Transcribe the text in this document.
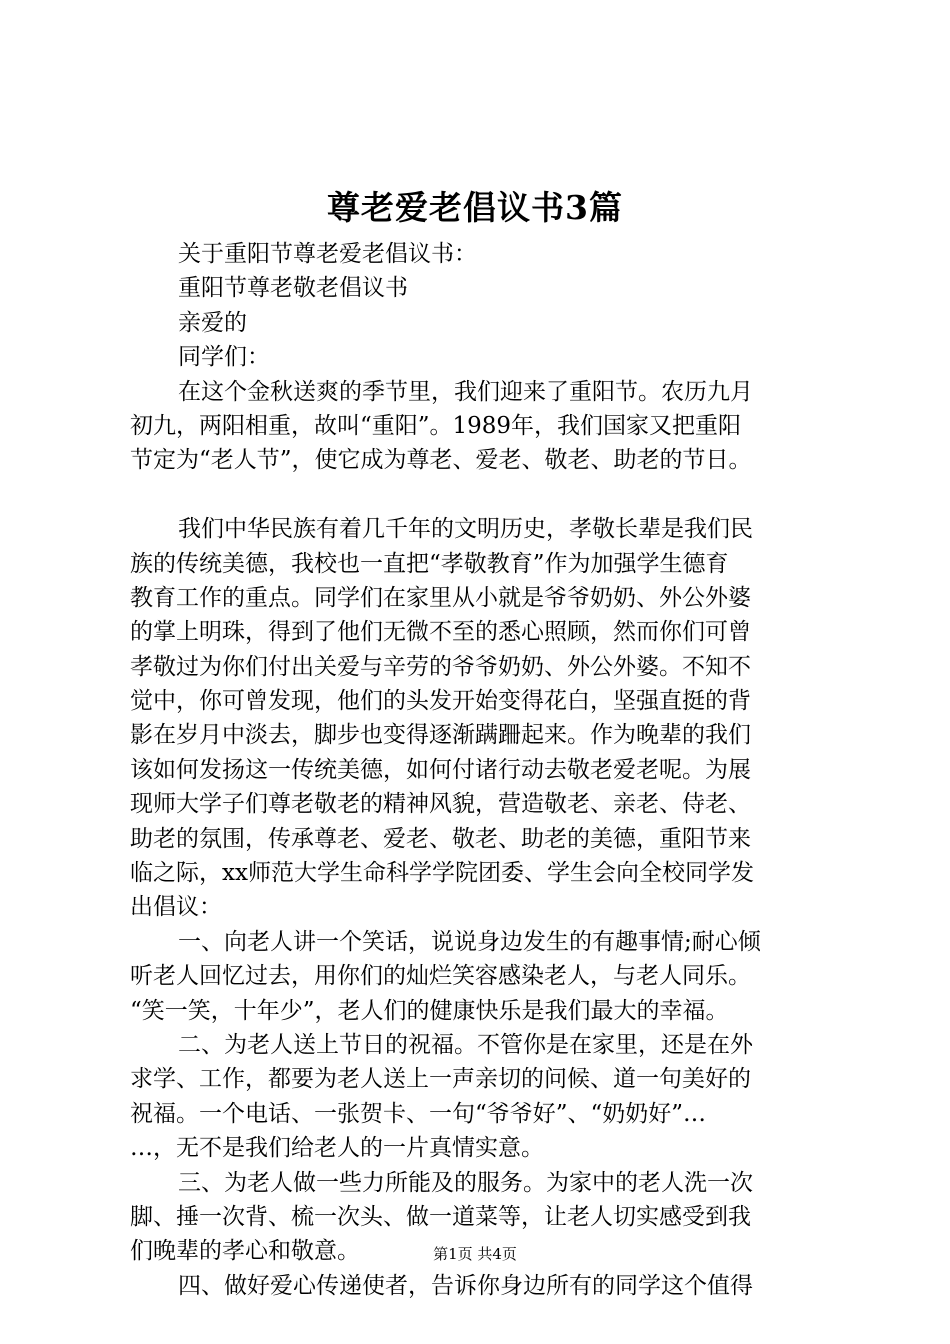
尊老爱老倡议书3篇
关于重阳节尊老爱老倡议书：
重阳节尊老敬老倡议书
亲爱的
同学们：
在这个金秋送爽的季节里，我们迎来了重阳节。农历九月
初九，两阳相重，故叫“重阳”。1989年，我们国家又把重阳
节定为“老人节”，使它成为尊老、爱老、敬老、助老的节日。
我们中华民族有着几千年的文明历史，孝敬长辈是我们民
族的传统美德，我校也一直把“孝敬教育”作为加强学生德育
教育工作的重点。同学们在家里从小就是爷爷奶奶、外公外婆
的掌上明珠，得到了他们无微不至的悉心照顾，然而你们可曾
孝敬过为你们付出关爱与辛劳的爷爷奶奶、外公外婆。不知不
觉中，你可曾发现，他们的头发开始变得花白，坚强直挺的背
影在岁月中淡去，脚步也变得逐渐蹒跚起来。作为晚辈的我们
该如何发扬这一传统美德，如何付诸行动去敬老爱老呢。为展
现师大学子们尊老敬老的精神风貌，营造敬老、亲老、侍老、
助老的氛围，传承尊老、爱老、敬老、助老的美德，重阳节来
临之际，xx师范大学生命科学学院团委、学生会向全校同学发
出倡议：
一、向老人讲一个笑话，说说身边发生的有趣事情;耐心倾
听老人回忆过去，用你们的灿烂笑容感染老人，与老人同乐。
“笑一笑，十年少”，老人们的健康快乐是我们最大的幸福。
二、为老人送上节日的祝福。不管你是在家里，还是在外
求学、工作，都要为老人送上一声亲切的问候、道一句美好的
祝福。一个电话、一张贺卡、一句“爷爷好”、“奶奶好”…
…，无不是我们给老人的一片真情实意。
三、为老人做一些力所能及的服务。为家中的老人洗一次
脚、捶一次背、梳一次头、做一道菜等，让老人切实感受到我
们晚辈的孝心和敬意。
四、做好爱心传递使者，告诉你身边所有的同学这个值得
第1页 共4页
